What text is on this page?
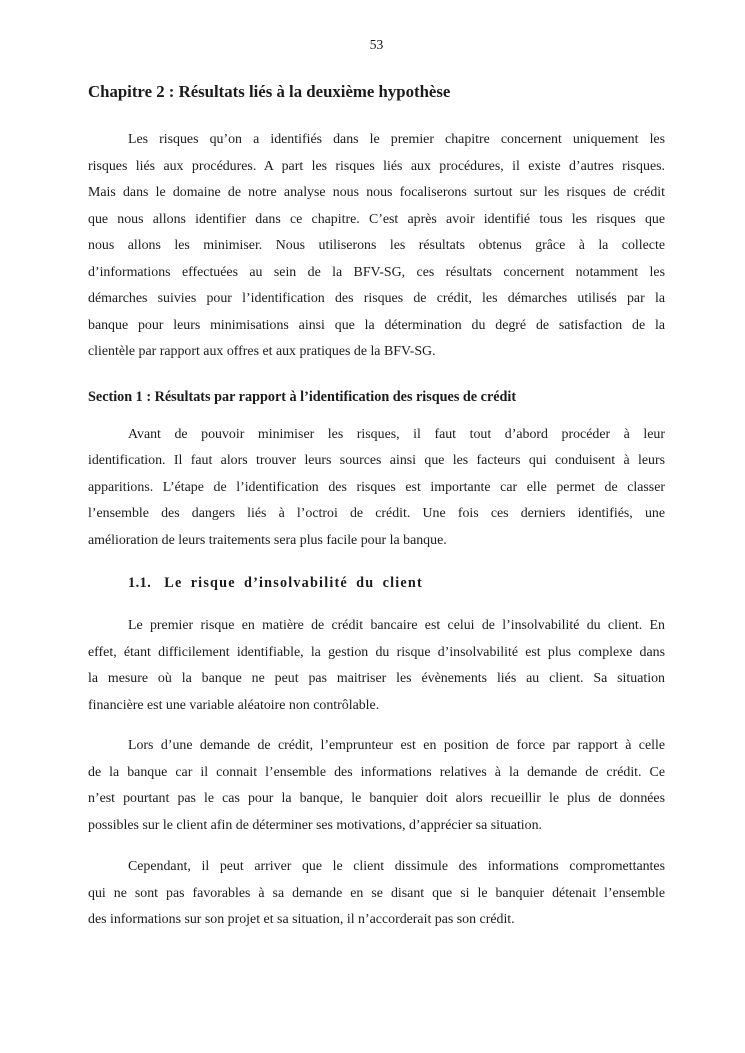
53
Chapitre 2 : Résultats liés à la deuxième hypothèse
Les risques qu’on a identifiés dans le premier chapitre concernent uniquement les
risques liés aux procédures. A part les risques liés aux procédures, il existe d’autres risques.
Mais dans le domaine de notre analyse nous nous focaliserons surtout sur les risques de crédit
que nous allons identifier dans ce chapitre. C’est après avoir identifié tous les risques que
nous allons les minimiser. Nous utiliserons les résultats obtenus grâce à la collecte
d’informations effectuées au sein de la BFV-SG, ces résultats concernent notamment les
démarches suivies pour l’identification des risques de crédit, les démarches utilisés par la
banque pour leurs minimisations ainsi que la détermination du degré de satisfaction de la
clientèle par rapport aux offres et aux pratiques de la BFV-SG.
Section 1 : Résultats par rapport à l’identification des risques de crédit
Avant de pouvoir minimiser les risques, il faut tout d’abord procéder à leur
identification. Il faut alors trouver leurs sources ainsi que les facteurs qui conduisent à leurs
apparitions. L’étape de l’identification des risques est importante car elle permet de classer
l’ensemble des dangers liés à l’octroi de crédit. Une fois ces derniers identifiés, une
amélioration de leurs traitements sera plus facile pour la banque.
1.1. Le risque d’insolvabilité du client
Le premier risque en matière de crédit bancaire est celui de l’insolvabilité du client. En
effet, étant difficilement identifiable, la gestion du risque d’insolvabilité est plus complexe dans
la mesure où la banque ne peut pas maitriser les évènements liés au client. Sa situation
financière est une variable aléatoire non contrôlable.
Lors d’une demande de crédit, l’emprunteur est en position de force par rapport à celle
de la banque car il connait l’ensemble des informations relatives à la demande de crédit. Ce
n’est pourtant pas le cas pour la banque, le banquier doit alors recueillir le plus de données
possibles sur le client afin de déterminer ses motivations, d’apprécier sa situation.
Cependant, il peut arriver que le client dissimule des informations compromettantes
qui ne sont pas favorables à sa demande en se disant que si le banquier détenait l’ensemble
des informations sur son projet et sa situation, il n’accorderait pas son crédit.
